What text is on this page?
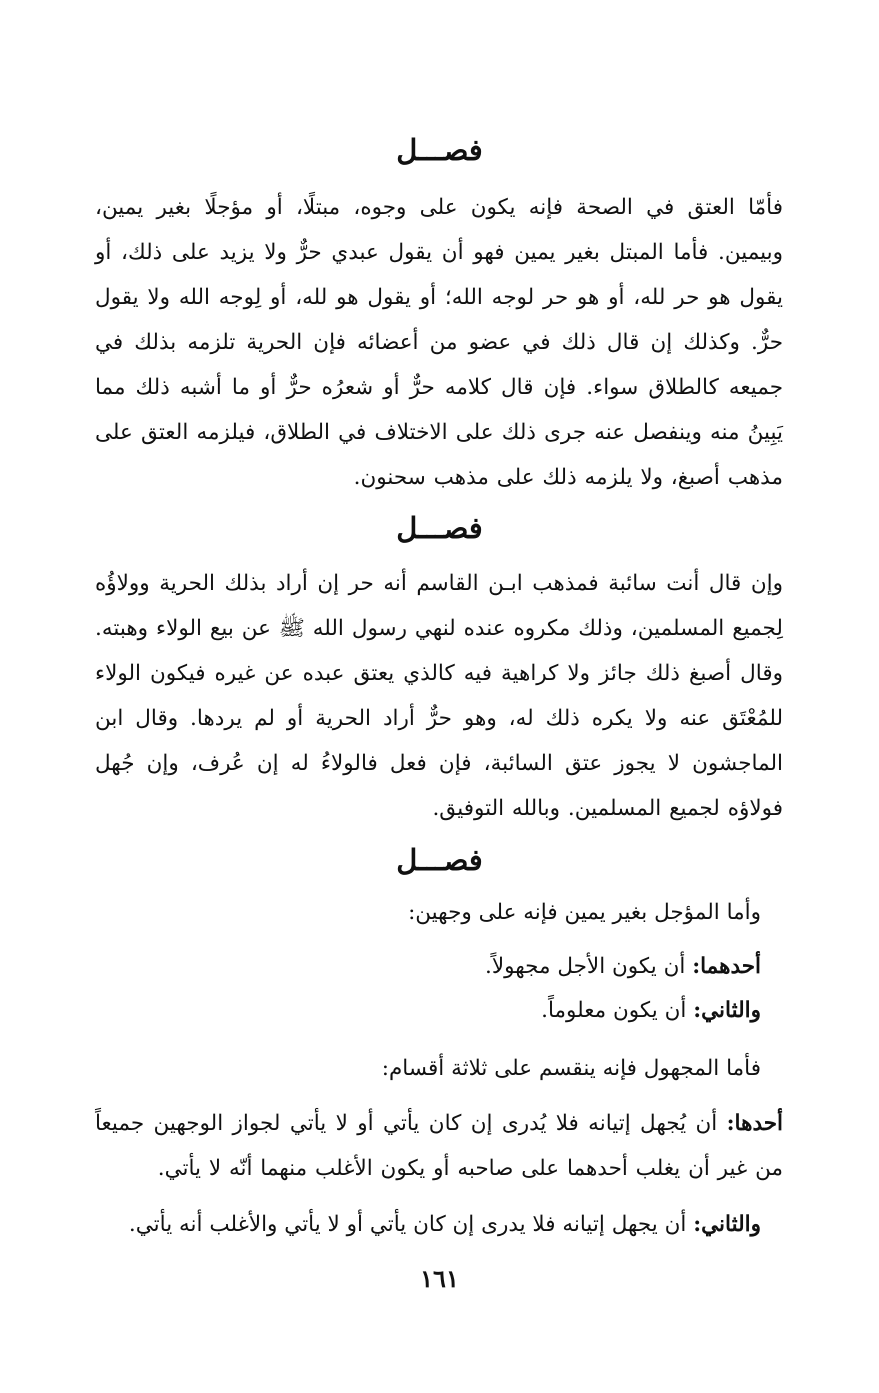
فصـــل
فأمّا العتق في الصحة فإنه يكون على وجوه، مبتلًا، أو مؤجلًا بغير يمين، وبيمين. فأما المبتل بغير يمين فهو أن يقول عبدي حرٌّ ولا يزيد على ذلك، أو يقول هو حر لله، أو هو حر لوجه الله؛ أو يقول هو لله، أو لِوجه الله ولا يقول حرٌّ. وكذلك إن قال ذلك في عضو من أعضائه فإن الحرية تلزمه بذلك في جميعه كالطلاق سواء. فإن قال كلامه حرٌّ أو شعرُه حرٌّ أو ما أشبه ذلك مما يَبِينُ منه وينفصل عنه جرى ذلك على الاختلاف في الطلاق، فيلزمه العتق على مذهب أصبغ، ولا يلزمه ذلك على مذهب سحنون.
فصـــل
وإن قال أنت سائبة فمذهب ابـن القاسم أنه حر إن أراد بذلك الحرية وولاؤُه لِجميع المسلمين، وذلك مكروه عنده لنهي رسول الله ﷺ عن بيع الولاء وهبته. وقال أصبغ ذلك جائز ولا كراهية فيه كالذي يعتق عبده عن غيره فيكون الولاء للمُعْتَق عنه ولا يكره ذلك له، وهو حرٌّ أراد الحرية أو لم يردها. وقال ابن الماجشون لا يجوز عتق السائبة، فإن فعل فالولاءُ له إن عُرف، وإن جُهل فولاؤه لجميع المسلمين. وبالله التوفيق.
فصـــل
وأما المؤجل بغير يمين فإنه على وجهين:
أحدهما: أن يكون الأجل مجهولاً.
والثاني: أن يكون معلوماً.
فأما المجهول فإنه ينقسم على ثلاثة أقسام:
أحدها: أن يُجهل إتيانه فلا يُدرى إن كان يأتي أو لا يأتي لجواز الوجهين جميعاً من غير أن يغلب أحدهما على صاحبه أو يكون الأغلب منهما أنّه لا يأتي.
والثاني: أن يجهل إتيانه فلا يدرى إن كان يأتي أو لا يأتي والأغلب أنه يأتي.
١٦١
